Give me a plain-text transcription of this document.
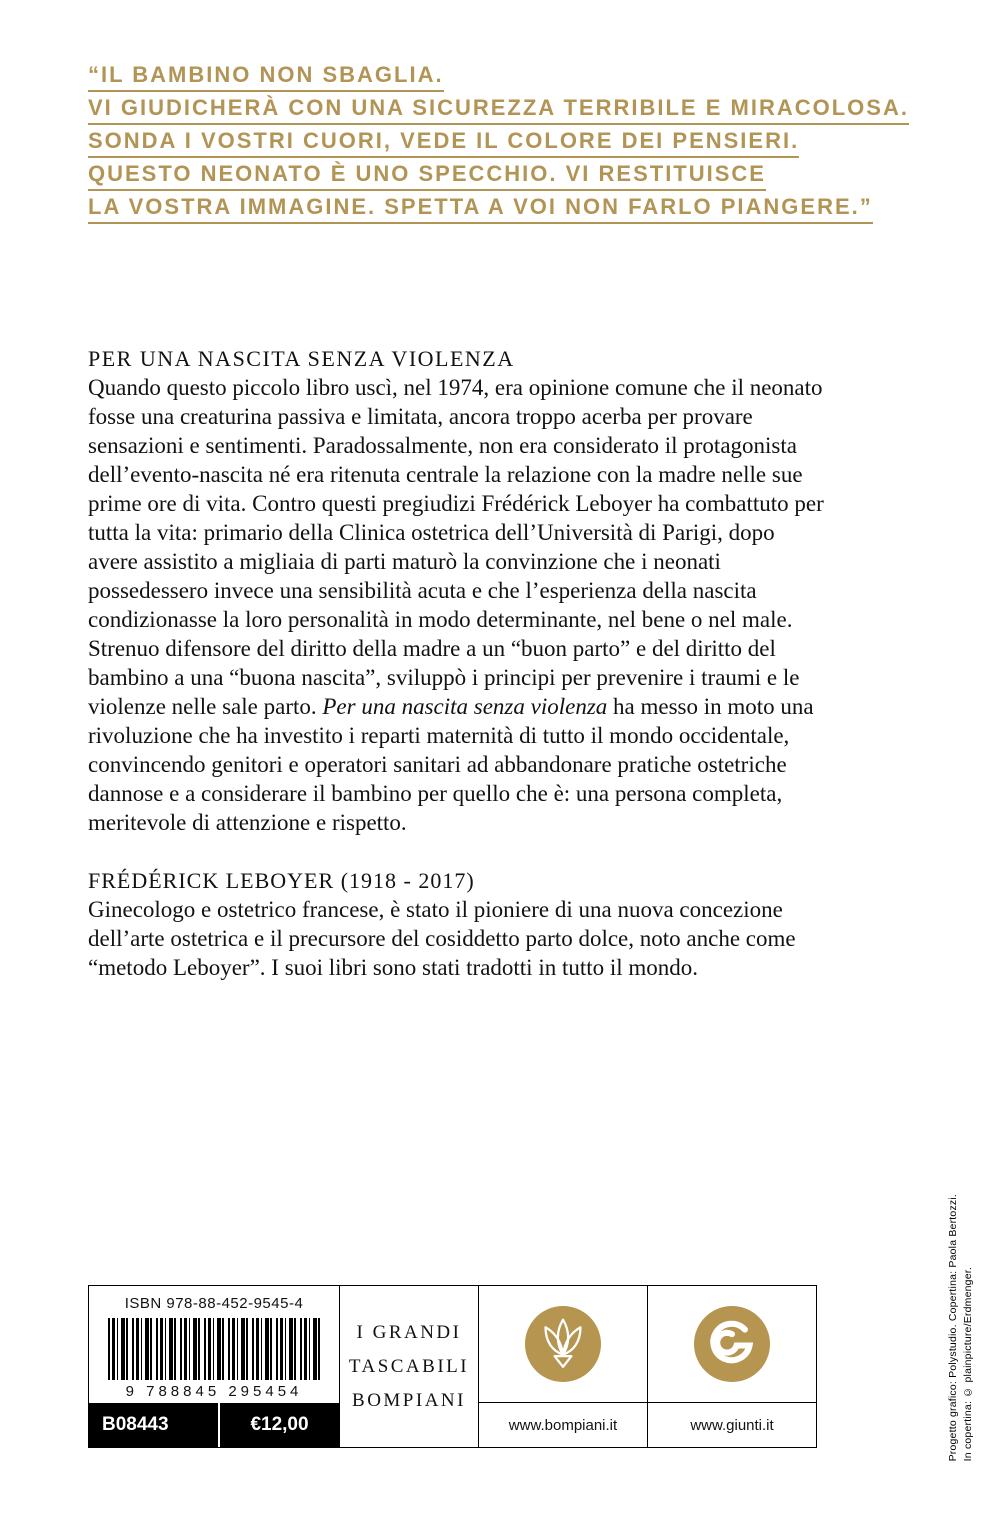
“IL BAMBINO NON SBAGLIA.
VI GIUDICHERÀ CON UNA SICUREZZA TERRIBILE E MIRACOLOSA.
SONDA I VOSTRI CUORI, VEDE IL COLORE DEI PENSIERI.
QUESTO NEONATO È UNO SPECCHIO. VI RESTITUISCE
LA VOSTRA IMMAGINE. SPETTA A VOI NON FARLO PIANGERE.”
PER UNA NASCITA SENZA VIOLENZA

Quando questo piccolo libro uscì, nel 1974, era opinione comune che il neonato fosse una creaturina passiva e limitata, ancora troppo acerba per provare sensazioni e sentimenti. Paradossalmente, non era considerato il protagonista dell’evento-nascita né era ritenuta centrale la relazione con la madre nelle sue prime ore di vita. Contro questi pregiudizi Frédérick Leboyer ha combattuto per tutta la vita: primario della Clinica ostetrica dell’Università di Parigi, dopo avere assistito a migliaia di parti maturò la convinzione che i neonati possedessero invece una sensibilità acuta e che l’esperienza della nascita condizionasse la loro personalità in modo determinante, nel bene o nel male. Strenuo difensore del diritto della madre a un “buon parto” e del diritto del bambino a una “buona nascita”, sviluppò i principi per prevenire i traumi e le violenze nelle sale parto. Per una nascita senza violenza ha messo in moto una rivoluzione che ha investito i reparti maternità di tutto il mondo occidentale, convincendo genitori e operatori sanitari ad abbandonare pratiche ostetriche dannose e a considerare il bambino per quello che è: una persona completa, meritevole di attenzione e rispetto.

FRÉDÉRICK LEBOYER (1918 - 2017)

Ginecologo e ostetrico francese, è stato il pioniere di una nuova concezione dell’arte ostetrica e il precursore del cosiddetto parto dolce, noto anche come “metodo Leboyer”. I suoi libri sono stati tradotti in tutto il mondo.

ISBN 978-88-452-9545-4
9 788845 295454
B08443	€12,00
I GRANDI
TASCABILI
BOMPIANI
www.bompiani.it	www.giunti.it	In copertina: © plainpicture/Erdmenger.
Progetto grafico: Polystudio. Copertina: Paola Bertozzi.
